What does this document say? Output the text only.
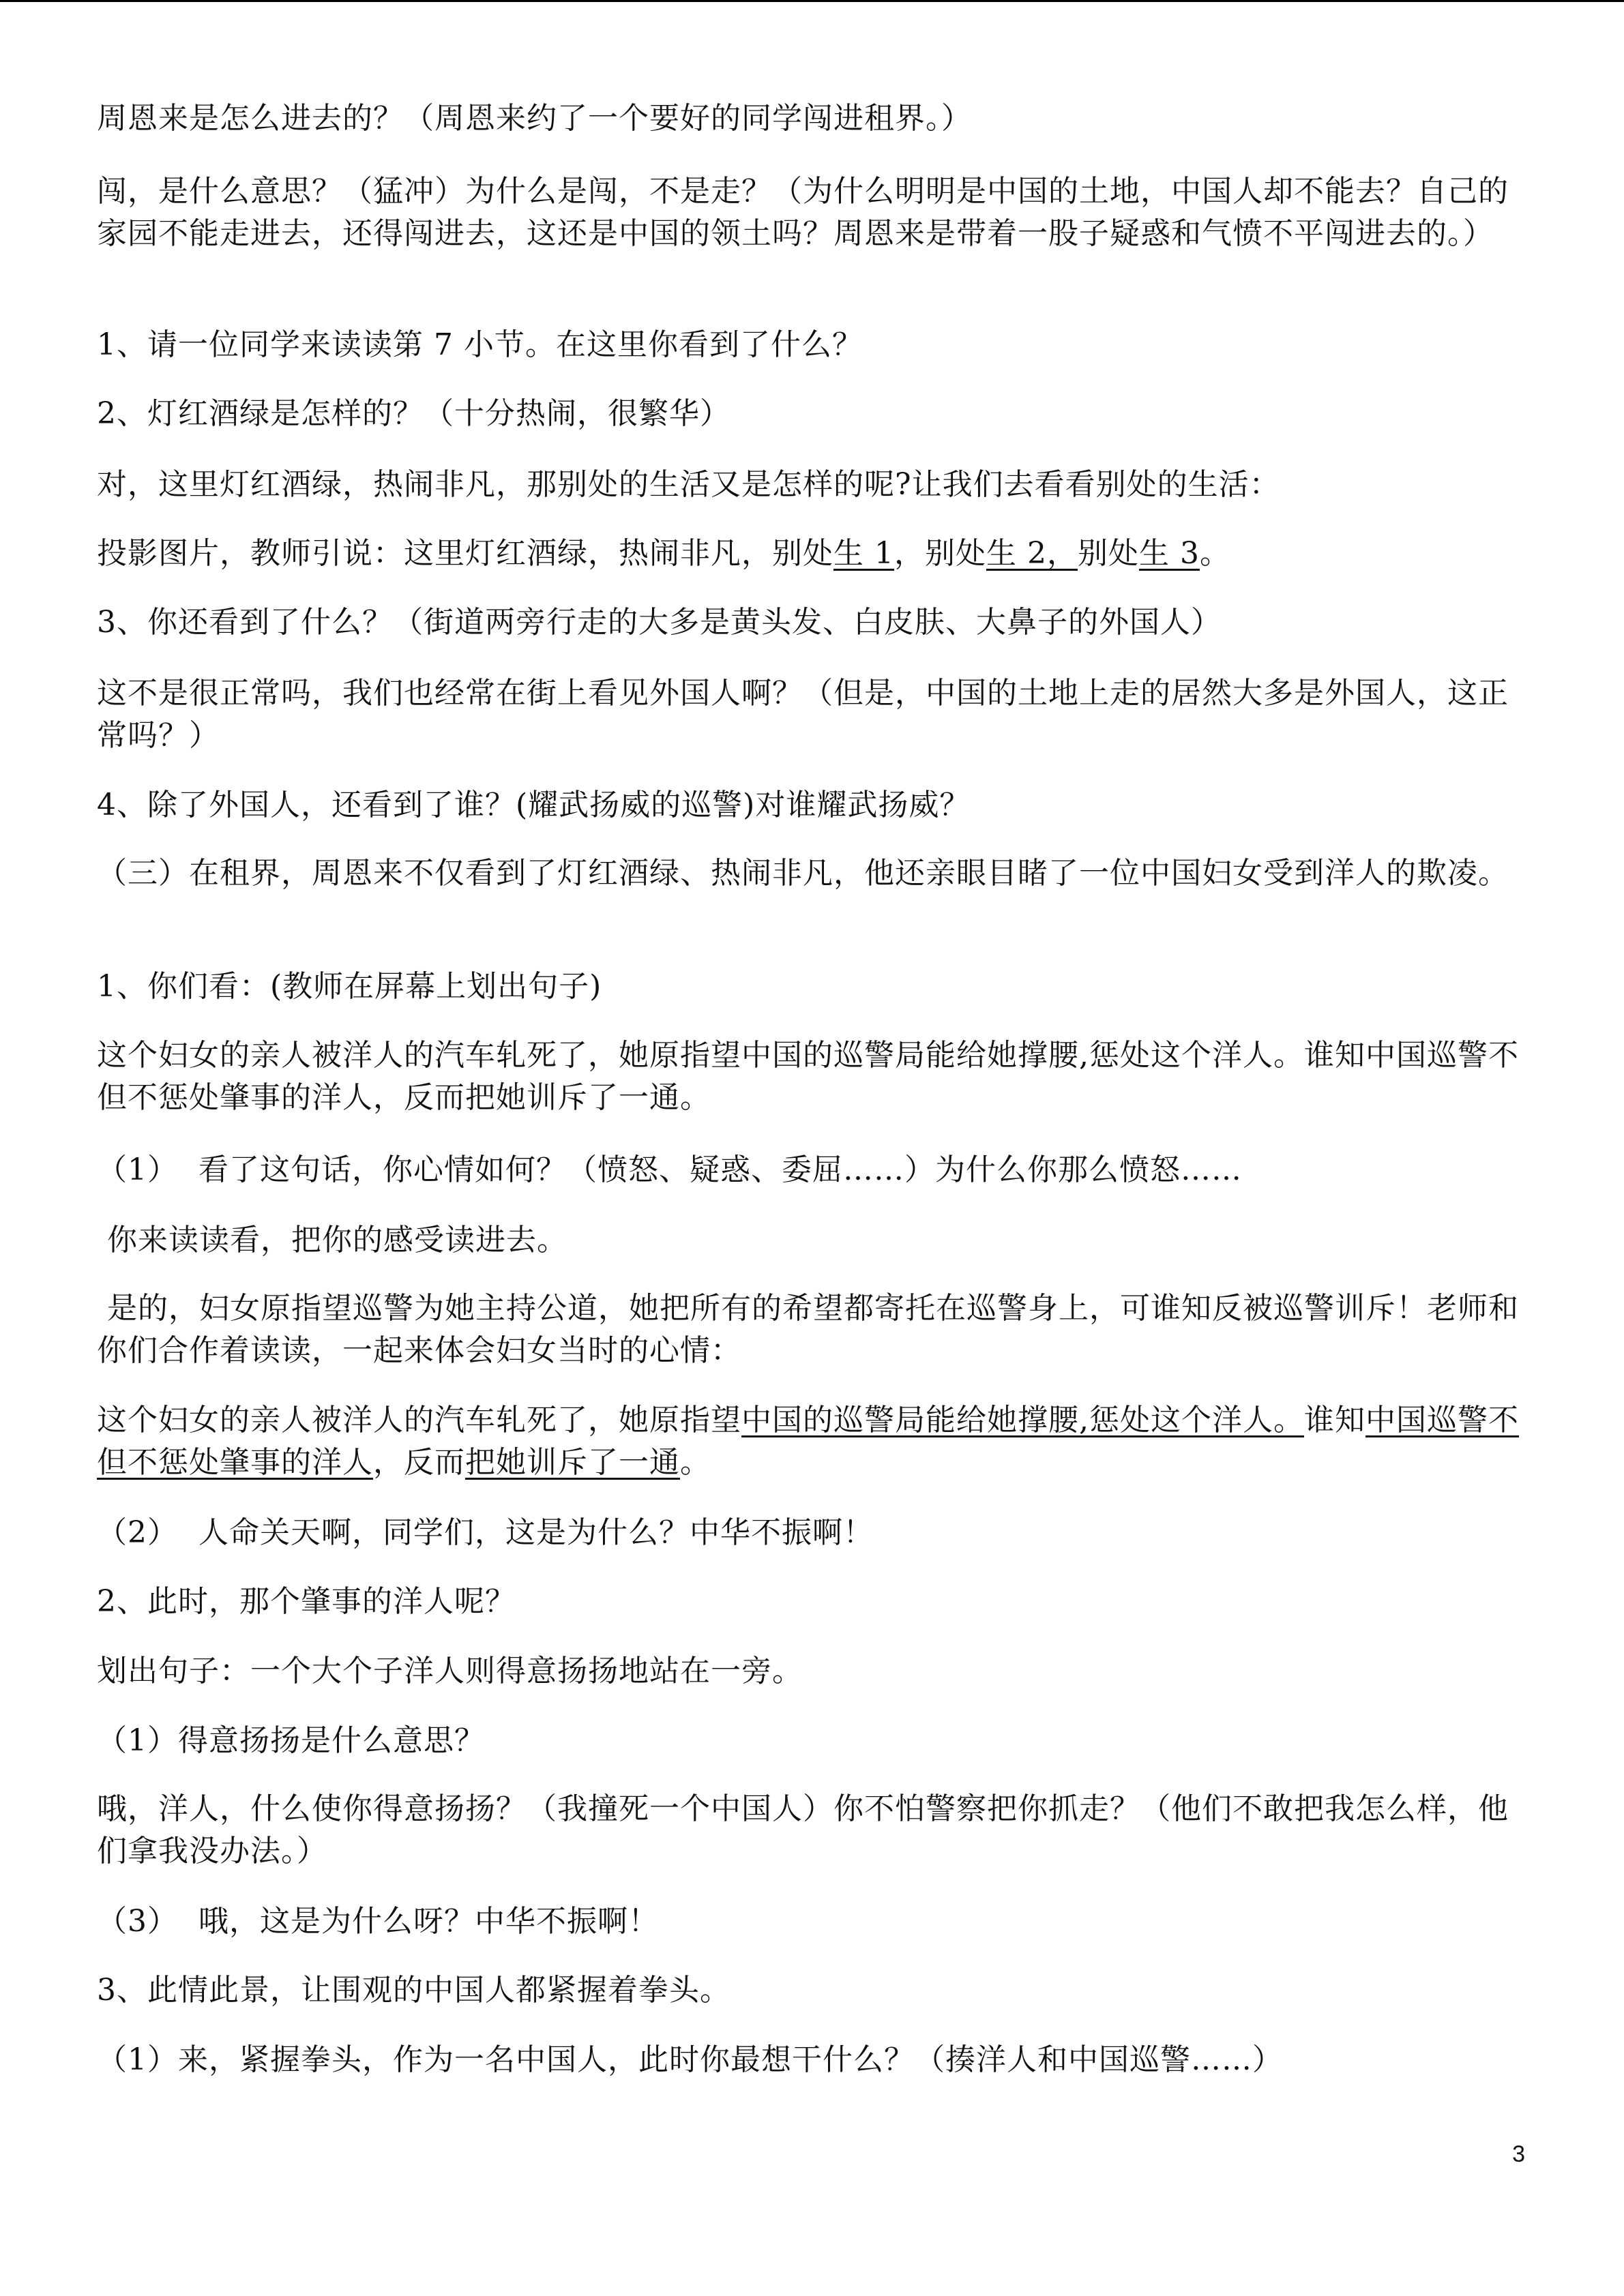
周恩来是怎么进去的？（周恩来约了一个要好的同学闯进租界。）
闯，是什么意思？（猛冲）为什么是闯，不是走？（为什么明明是中国的土地，中国人却不能去？自己的家园不能走进去，还得闯进去，这还是中国的领土吗？周恩来是带着一股子疑惑和气愤不平闯进去的。）
1、请一位同学来读读第 7 小节。在这里你看到了什么？
2、灯红酒绿是怎样的？（十分热闹，很繁华）
对，这里灯红酒绿，热闹非凡，那别处的生活又是怎样的呢?让我们去看看别处的生活：
投影图片，教师引说：这里灯红酒绿，热闹非凡，别处生 1，别处生 2，别处生 3。
3、你还看到了什么？（街道两旁行走的大多是黄头发、白皮肤、大鼻子的外国人）
这不是很正常吗，我们也经常在街上看见外国人啊？（但是，中国的土地上走的居然大多是外国人，这正常吗？）
4、除了外国人，还看到了谁？(耀武扬威的巡警)对谁耀武扬威？
（三）在租界，周恩来不仅看到了灯红酒绿、热闹非凡，他还亲眼目睹了一位中国妇女受到洋人的欺凌。
1、你们看：(教师在屏幕上划出句子)
这个妇女的亲人被洋人的汽车轧死了，她原指望中国的巡警局能给她撑腰,惩处这个洋人。谁知中国巡警不但不惩处肇事的洋人，反而把她训斥了一通。
（1）  看了这句话，你心情如何？（愤怒、疑惑、委屈……）为什么你那么愤怒……
你来读读看，把你的感受读进去。
是的，妇女原指望巡警为她主持公道，她把所有的希望都寄托在巡警身上，可谁知反被巡警训斥！老师和你们合作着读读，一起来体会妇女当时的心情：
这个妇女的亲人被洋人的汽车轧死了，她原指望中国的巡警局能给她撑腰,惩处这个洋人。谁知中国巡警不但不惩处肇事的洋人，反而把她训斥了一通。
（2）  人命关天啊，同学们，这是为什么？中华不振啊！
2、此时，那个肇事的洋人呢？
划出句子：一个大个子洋人则得意扬扬地站在一旁。
（1）得意扬扬是什么意思？
哦，洋人，什么使你得意扬扬？（我撞死一个中国人）你不怕警察把你抓走？（他们不敢把我怎么样，他们拿我没办法。）
（3）  哦，这是为什么呀？中华不振啊！
3、此情此景，让围观的中国人都紧握着拳头。
（1）来，紧握拳头，作为一名中国人，此时你最想干什么？（揍洋人和中国巡警……）
3
